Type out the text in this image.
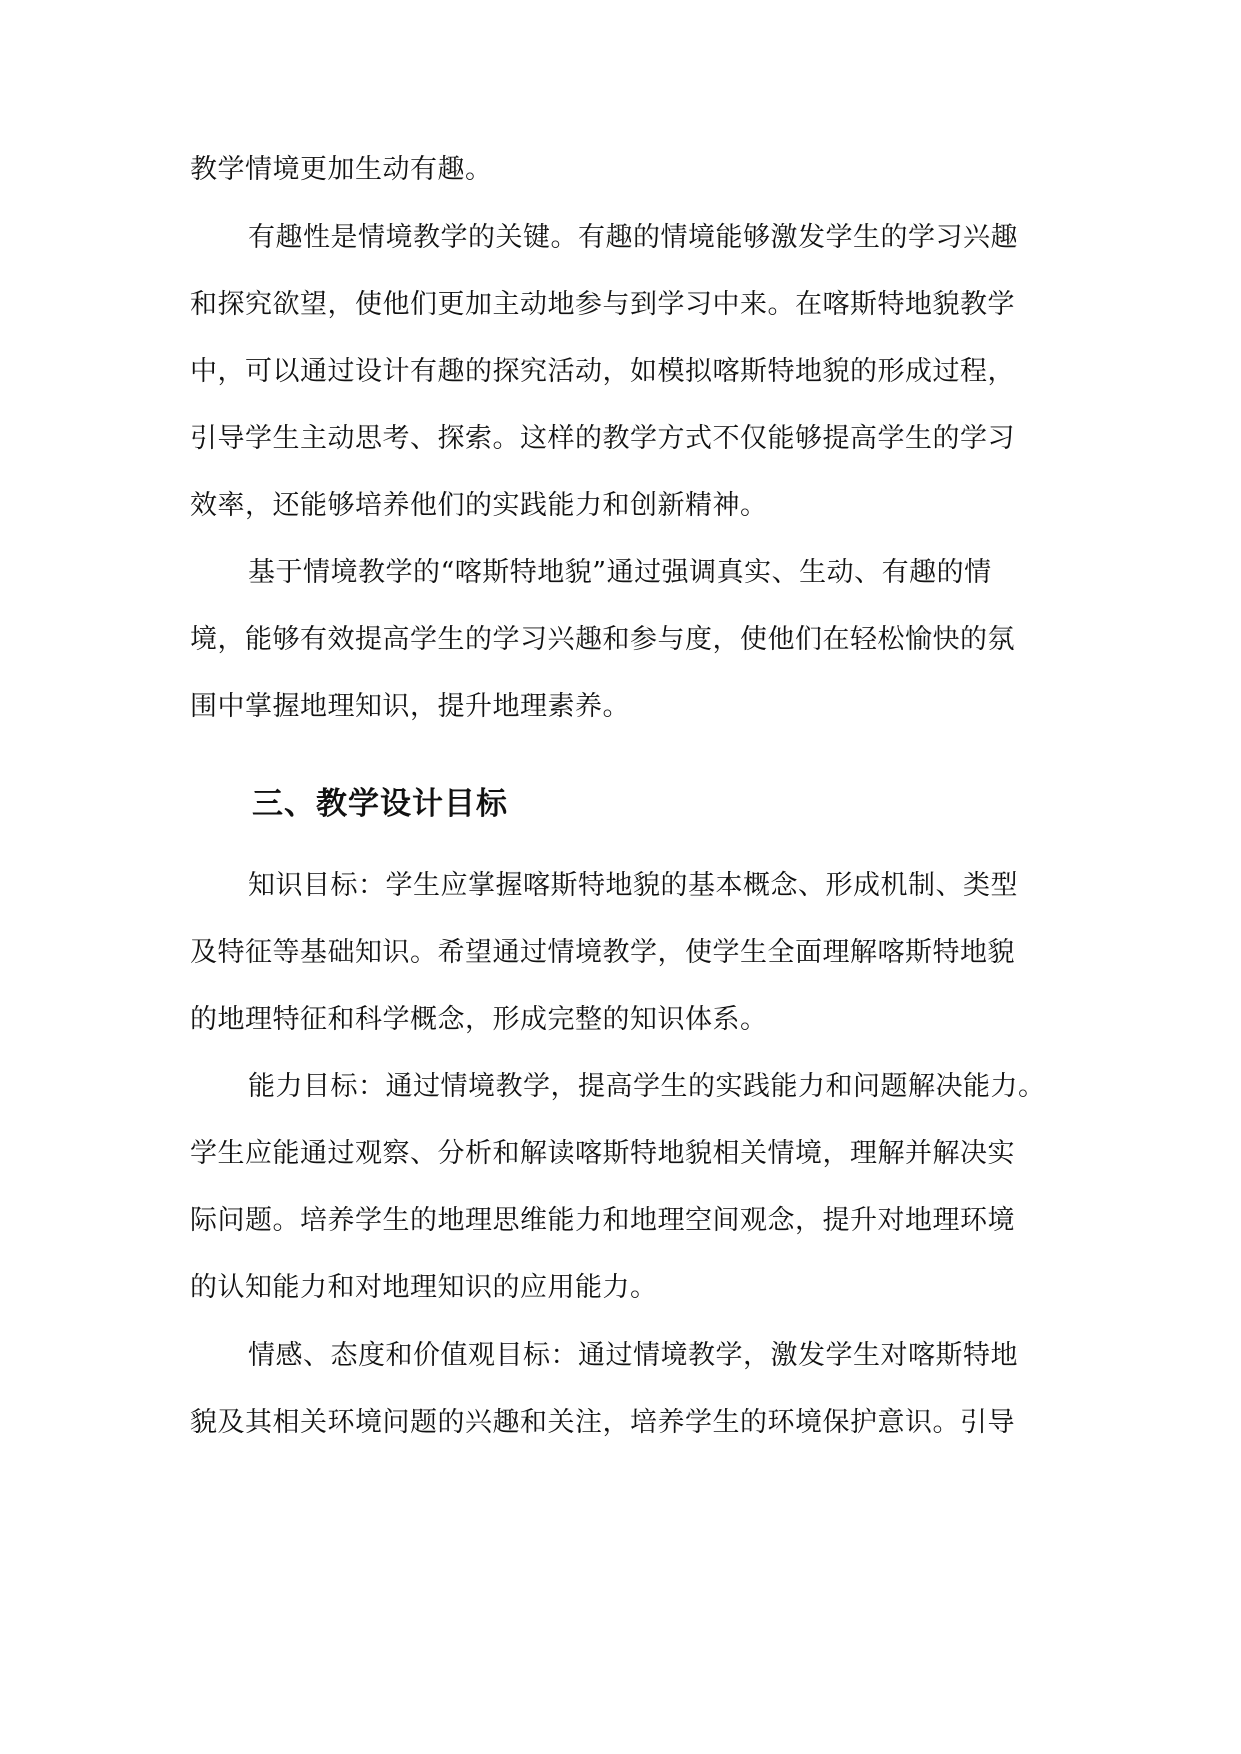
教学情境更加生动有趣。
有趣性是情境教学的关键。有趣的情境能够激发学生的学习兴趣
和探究欲望，使他们更加主动地参与到学习中来。在喀斯特地貌教学
中，可以通过设计有趣的探究活动，如模拟喀斯特地貌的形成过程，
引导学生主动思考、探索。这样的教学方式不仅能够提高学生的学习
效率，还能够培养他们的实践能力和创新精神。
基于情境教学的“喀斯特地貌”通过强调真实、生动、有趣的情
境，能够有效提高学生的学习兴趣和参与度，使他们在轻松愉快的氛
围中掌握地理知识，提升地理素养。
三、教学设计目标
知识目标：学生应掌握喀斯特地貌的基本概念、形成机制、类型
及特征等基础知识。希望通过情境教学，使学生全面理解喀斯特地貌
的地理特征和科学概念，形成完整的知识体系。
能力目标：通过情境教学，提高学生的实践能力和问题解决能力。
学生应能通过观察、分析和解读喀斯特地貌相关情境，理解并解决实
际问题。培养学生的地理思维能力和地理空间观念，提升对地理环境
的认知能力和对地理知识的应用能力。
情感、态度和价值观目标：通过情境教学，激发学生对喀斯特地
貌及其相关环境问题的兴趣和关注，培养学生的环境保护意识。引导
